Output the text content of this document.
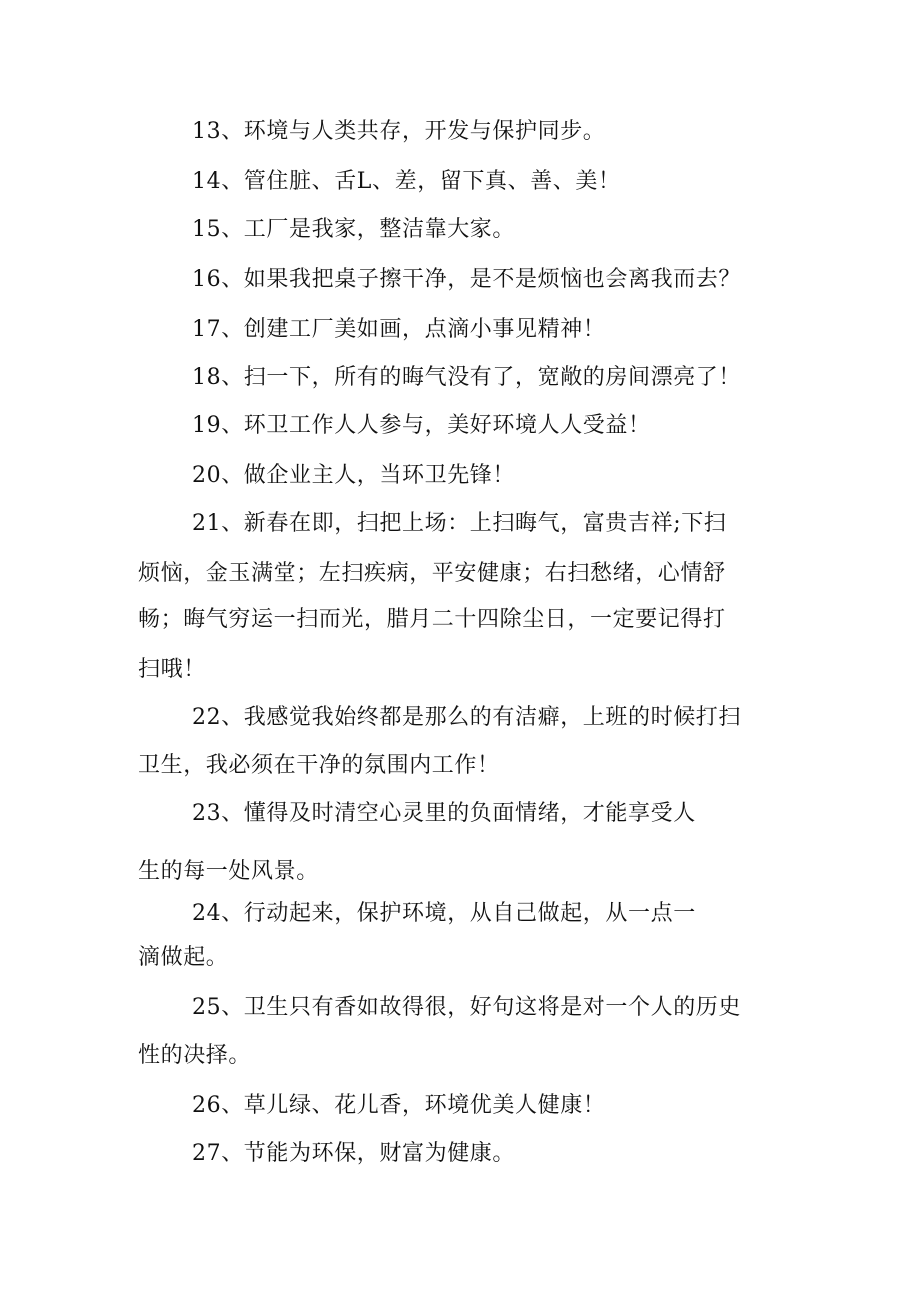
13、环境与人类共存，开发与保护同步。
14、管住脏、舌L、差，留下真、善、美！
15、工厂是我家，整洁靠大家。
16、如果我把桌子擦干净，是不是烦恼也会离我而去？
17、创建工厂美如画，点滴小事见精神！
18、扫一下，所有的晦气没有了，宽敞的房间漂亮了！
19、环卫工作人人参与，美好环境人人受益！
20、做企业主人，当环卫先锋！
21、新春在即，扫把上场：上扫晦气，富贵吉祥;下扫
烦恼，金玉满堂；左扫疾病，平安健康；右扫愁绪，心情舒
畅；晦气穷运一扫而光，腊月二十四除尘日，一定要记得打
扫哦！
22、我感觉我始终都是那么的有洁癖，上班的时候打扫
卫生，我必须在干净的氛围内工作！
23、懂得及时清空心灵里的负面情绪，才能享受人
生的每一处风景。
24、行动起来，保护环境，从自己做起，从一点一
滴做起。
25、卫生只有香如故得很，好句这将是对一个人的历史
性的决择。
26、草儿绿、花儿香，环境优美人健康！
27、节能为环保，财富为健康。
